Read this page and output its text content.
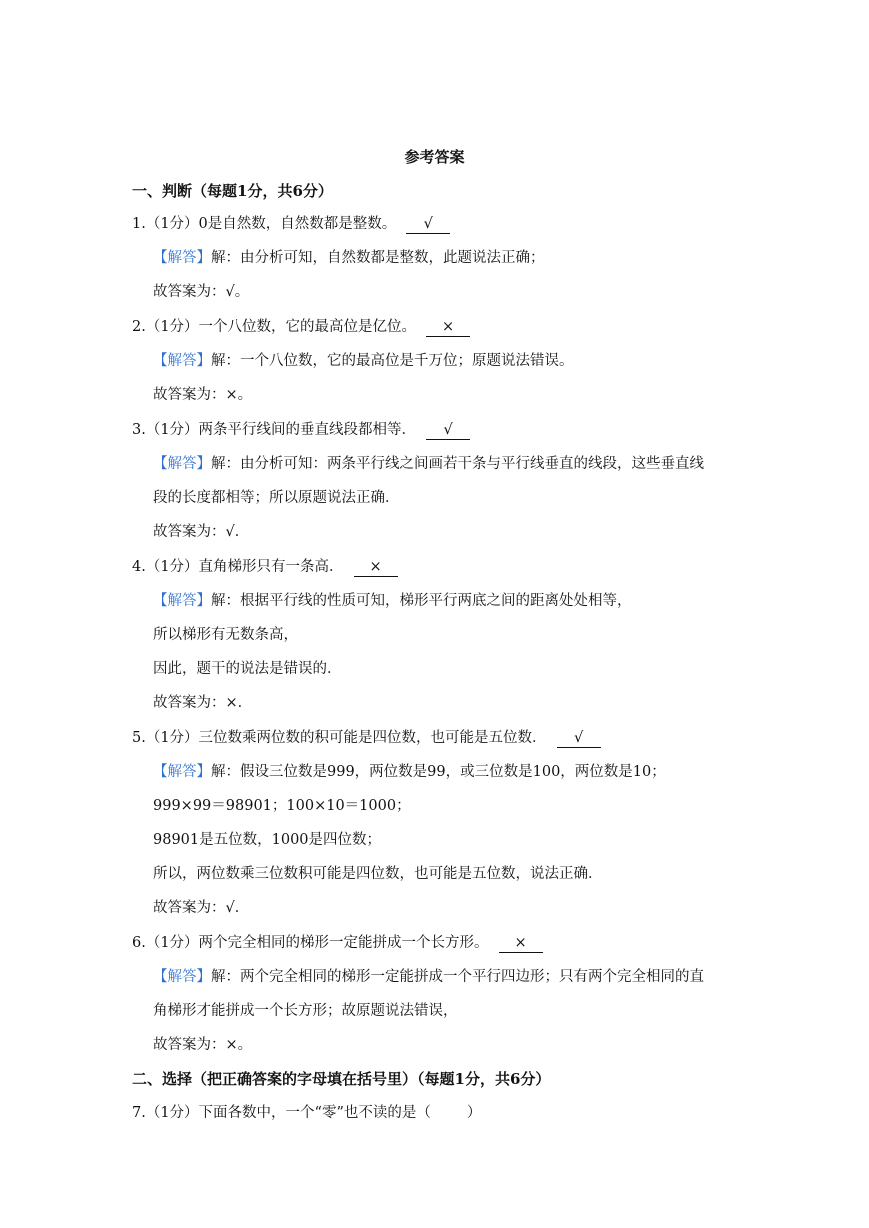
参考答案
一、判断（每题1分，共6分）
1.（1分）0是自然数，自然数都是整数。 √
【解答】解：由分析可知，自然数都是整数，此题说法正确；
故答案为：√。
2.（1分）一个八位数，它的最高位是亿位。 ×
【解答】解：一个八位数，它的最高位是千万位；原题说法错误。
故答案为：×。
3.（1分）两条平行线间的垂直线段都相等． √
【解答】解：由分析可知：两条平行线之间画若干条与平行线垂直的线段，这些垂直线
段的长度都相等；所以原题说法正确．
故答案为：√．
4.（1分）直角梯形只有一条高． ×
【解答】解：根据平行线的性质可知，梯形平行两底之间的距离处处相等，
所以梯形有无数条高，
因此，题干的说法是错误的．
故答案为：×．
5.（1分）三位数乘两位数的积可能是四位数，也可能是五位数． √
【解答】解：假设三位数是999，两位数是99，或三位数是100，两位数是10；
999×99＝98901；100×10＝1000；
98901是五位数，1000是四位数；
所以，两位数乘三位数积可能是四位数，也可能是五位数，说法正确．
故答案为：√．
6.（1分）两个完全相同的梯形一定能拼成一个长方形。 ×
【解答】解：两个完全相同的梯形一定能拼成一个平行四边形；只有两个完全相同的直
角梯形才能拼成一个长方形；故原题说法错误，
故答案为：×。
二、选择（把正确答案的字母填在括号里）（每题1分，共6分）
7.（1分）下面各数中，一个“零”也不读的是（ ）
